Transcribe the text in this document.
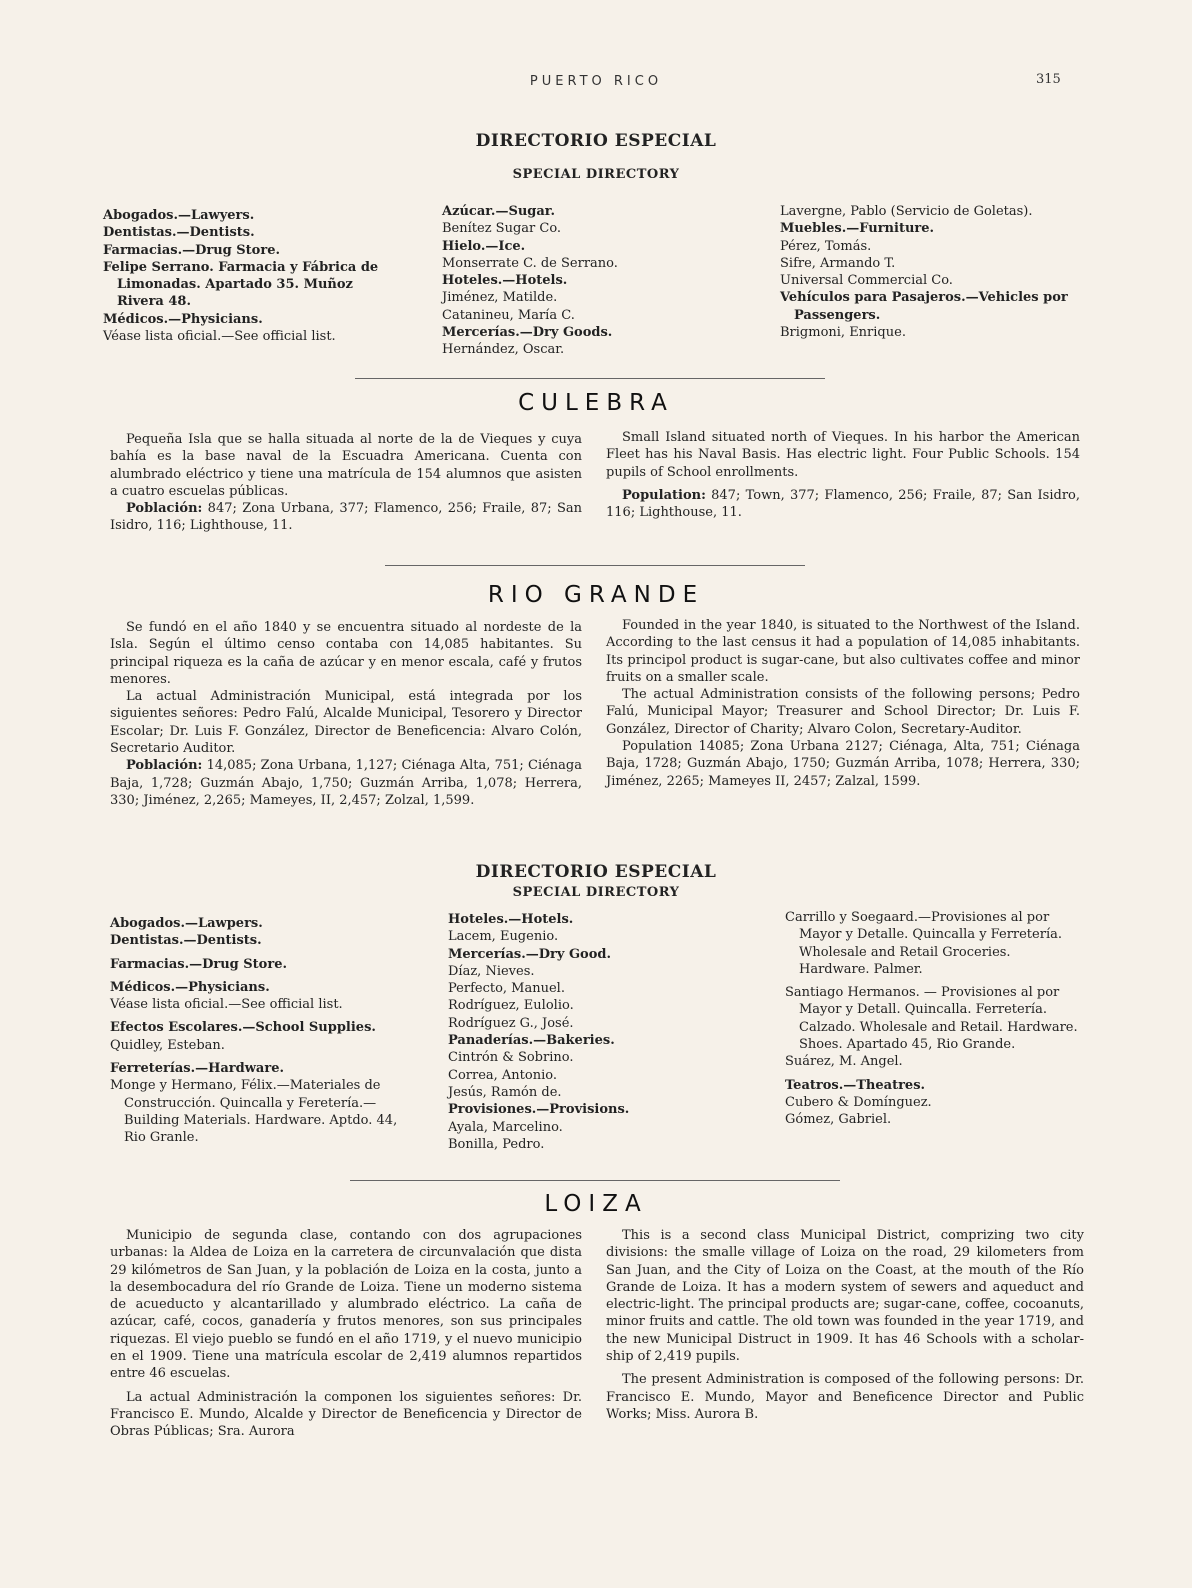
PUERTO RICO	315
DIRECTORIO ESPECIAL
SPECIAL DIRECTORY

Abogados.—Lawyers.

Dentistas.—Dentists.

Farmacias.—Drug Store.

Felipe Serrano. Farmacia y Fábrica de Limonadas. Apartado 35. Muñoz Rivera 48.

Médicos.—Physicians.

Véase lista oficial.—See official list.

Azúcar.—Sugar.

Benítez Sugar Co.

Hielo.—Ice.

Monserrate C. de Serrano.

Hoteles.—Hotels.

Jiménez, Matilde.

Catanineu, María C.

Mercerías.—Dry Goods.

Hernández, Oscar.

Lavergne, Pablo (Servicio de Goletas).

Muebles.—Furniture.

Pérez, Tomás.

Sifre, Armando T.

Universal Commercial Co.

Vehículos para Pasajeros.—Vehicles por Passengers.

Brigmoni, Enrique.

CULEBRA

Pequeña Isla que se halla situada al norte de la de Vieques y cuya bahía es la base naval de la Escuadra Americana. Cuenta con alumbrado eléctrico y tiene una matrícula de 154 alumnos que asisten a cuatro escuelas públicas.

Población: 847; Zona Urbana, 377; Flamenco, 256; Fraile, 87; San Isidro, 116; Lighthouse, 11.

Small Island situated north of Vieques. In his harbor the American Fleet has his Naval Basis. Has electric light. Four Public Schools. 154 pupils of School enrollments.

Population: 847; Town, 377; Flamenco, 256; Fraile, 87; San Isidro, 116; Lighthouse, 11.

RIO GRANDE

Se fundó en el año 1840 y se encuentra situado al nordeste de la Isla. Según el último censo contaba con 14,085 habitantes. Su principal riqueza es la caña de azúcar y en menor escala, café y frutos menores.

La actual Administración Municipal, está integrada por los siguientes señores: Pedro Falú, Alcalde Municipal, Tesorero y Director Escolar; Dr. Luis F. González, Director de Beneficencia: Alvaro Colón, Secretario Auditor.

Población: 14,085; Zona Urbana, 1,127; Ciénaga Alta, 751; Ciénaga Baja, 1,728; Guzmán Abajo, 1,750; Guzmán Arriba, 1,078; Herrera, 330; Jiménez, 2,265; Mameyes, II, 2,457; Zolzal, 1,599.

Founded in the year 1840, is situated to the Northwest of the Island. According to the last census it had a population of 14,085 inhabitants. Its principol product is sugar-cane, but also cultivates coffee and minor fruits on a smaller scale.

The actual Administration consists of the following persons; Pedro Falú, Municipal Mayor; Treasurer and School Director; Dr. Luis F. González, Director of Charity; Alvaro Colon, Secretary-Auditor.

Population 14085; Zona Urbana 2127; Ciénaga, Alta, 751; Ciénaga Baja, 1728; Guzmán Abajo, 1750; Guzmán Arriba, 1078; Herrera, 330; Jiménez, 2265; Mameyes II, 2457; Zalzal, 1599.

DIRECTORIO ESPECIAL
SPECIAL DIRECTORY

Abogados.—Lawpers.

Dentistas.—Dentists.

Farmacias.—Drug Store.

Médicos.—Physicians.

Véase lista oficial.—See official list.

Efectos Escolares.—School Supplies.

Quidley, Esteban.

Ferreterías.—Hardware.

Monge y Hermano, Félix.—Materiales de Construcción. Quincalla y Feretería.—Building Materials. Hardware. Aptdo. 44, Rio Granle.

Hoteles.—Hotels.

Lacem, Eugenio.

Mercerías.—Dry Good.

Díaz, Nieves.

Perfecto, Manuel.

Rodríguez, Eulolio.

Rodríguez G., José.

Panaderías.—Bakeries.

Cintrón & Sobrino.

Correa, Antonio.

Jesús, Ramón de.

Provisiones.—Provisions.

Ayala, Marcelino.

Bonilla, Pedro.

Carrillo y Soegaard.—Provisiones al por Mayor y Detalle. Quincalla y Ferretería. Wholesale and Retail Groceries. Hardware. Palmer.

Santiago Hermanos. — Provisiones al por Mayor y Detall. Quincalla. Ferretería. Calzado. Wholesale and Retail. Hardware. Shoes. Apartado 45, Rio Grande.

Suárez, M. Angel.

Teatros.—Theatres.

Cubero & Domínguez.

Gómez, Gabriel.

LOIZA

Municipio de segunda clase, contando con dos agrupaciones urbanas: la Aldea de Loiza en la carretera de circunvalación que dista 29 kilómetros de San Juan, y la población de Loiza en la costa, junto a la desembocadura del río Grande de Loiza. Tiene un moderno sistema de acueducto y alcantarillado y alumbrado eléctrico. La caña de azúcar, café, cocos, ganadería y frutos menores, son sus principales riquezas. El viejo pueblo se fundó en el año 1719, y el nuevo municipio en el 1909. Tiene una matrícula escolar de 2,419 alumnos repartidos entre 46 escuelas.

La actual Administración la componen los siguientes señores: Dr. Francisco E. Mundo, Alcalde y Director de Beneficencia y Director de Obras Públicas; Sra. Aurora

This is a second class Municipal District, comprizing two city divisions: the smalle village of Loiza on the road, 29 kilometers from San Juan, and the City of Loiza on the Coast, at the mouth of the Río Grande de Loiza. It has a modern system of sewers and aqueduct and electric-light. The principal products are; sugar-cane, coffee, cocoanuts, minor fruits and cattle. The old town was founded in the year 1719, and the new Municipal Distruct in 1909. It has 46 Schools with a scholar-ship of 2,419 pupils.

The present Administration is composed of the following persons: Dr. Francisco E. Mundo, Mayor and Beneficence Director and Public Works; Miss. Aurora B.
